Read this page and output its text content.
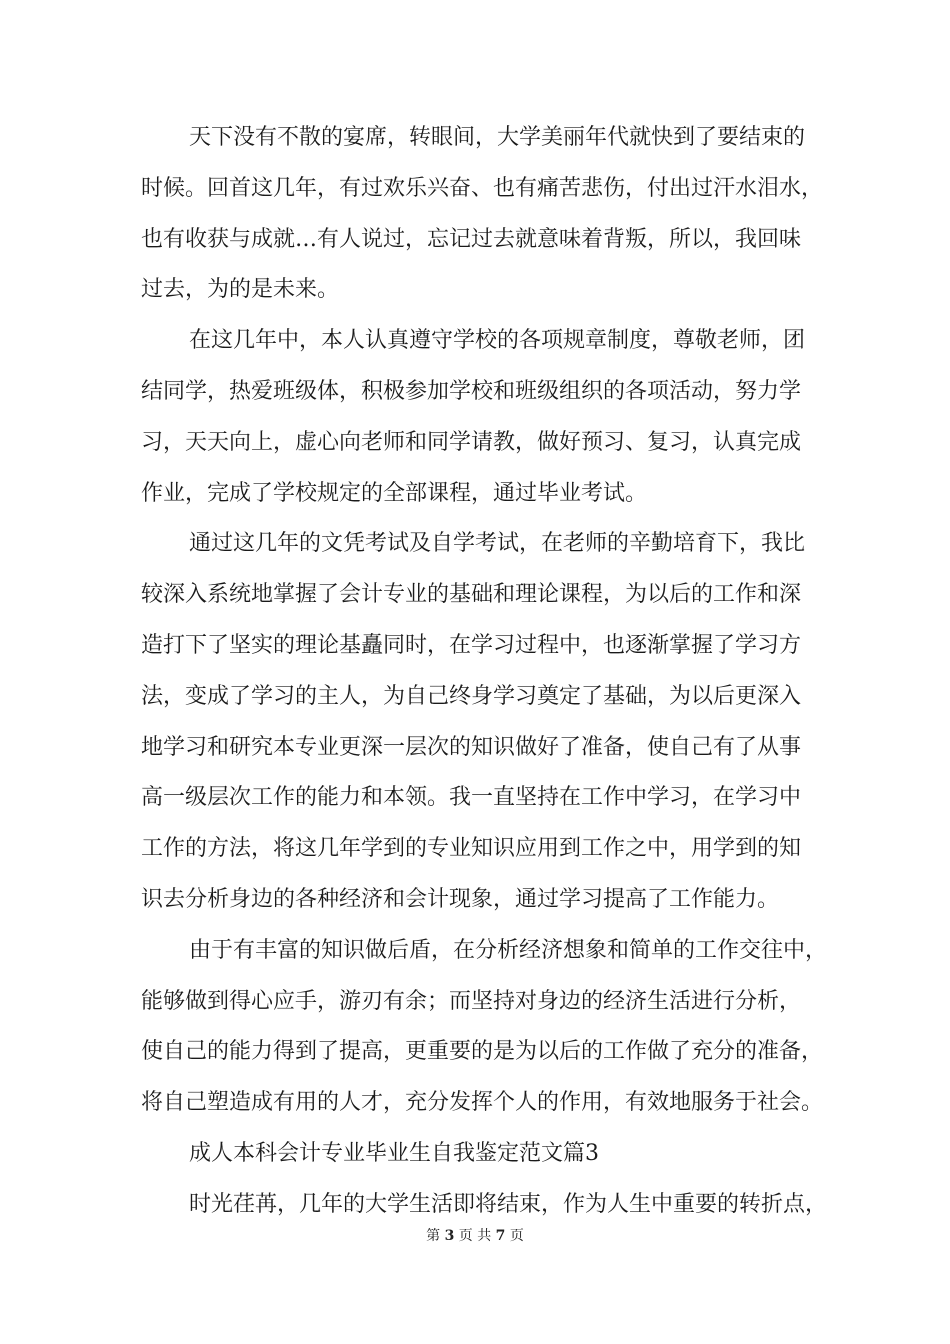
天下没有不散的宴席，转眼间，大学美丽年代就快到了要结束的
时候。回首这几年，有过欢乐兴奋、也有痛苦悲伤，付出过汗水泪水，
也有收获与成就…有人说过，忘记过去就意味着背叛，所以，我回味
过去，为的是未来。
在这几年中，本人认真遵守学校的各项规章制度，尊敬老师，团
结同学，热爱班级体，积极参加学校和班级组织的各项活动，努力学
习，天天向上，虚心向老师和同学请教，做好预习、复习，认真完成
作业，完成了学校规定的全部课程，通过毕业考试。
通过这几年的文凭考试及自学考试，在老师的辛勤培育下，我比
较深入系统地掌握了会计专业的基础和理论课程，为以后的工作和深
造打下了坚实的理论基矗同时，在学习过程中，也逐渐掌握了学习方
法，变成了学习的主人，为自己终身学习奠定了基础，为以后更深入
地学习和研究本专业更深一层次的知识做好了准备，使自己有了从事
高一级层次工作的能力和本领。我一直坚持在工作中学习，在学习中
工作的方法，将这几年学到的专业知识应用到工作之中，用学到的知
识去分析身边的各种经济和会计现象，通过学习提高了工作能力。
由于有丰富的知识做后盾，在分析经济想象和简单的工作交往中，
能够做到得心应手，游刃有余；而坚持对身边的经济生活进行分析，
使自己的能力得到了提高，更重要的是为以后的工作做了充分的准备，
将自己塑造成有用的人才，充分发挥个人的作用，有效地服务于社会。
成人本科会计专业毕业生自我鉴定范文篇3
时光荏苒，几年的大学生活即将结束，作为人生中重要的转折点，
第 3 页 共 7 页
